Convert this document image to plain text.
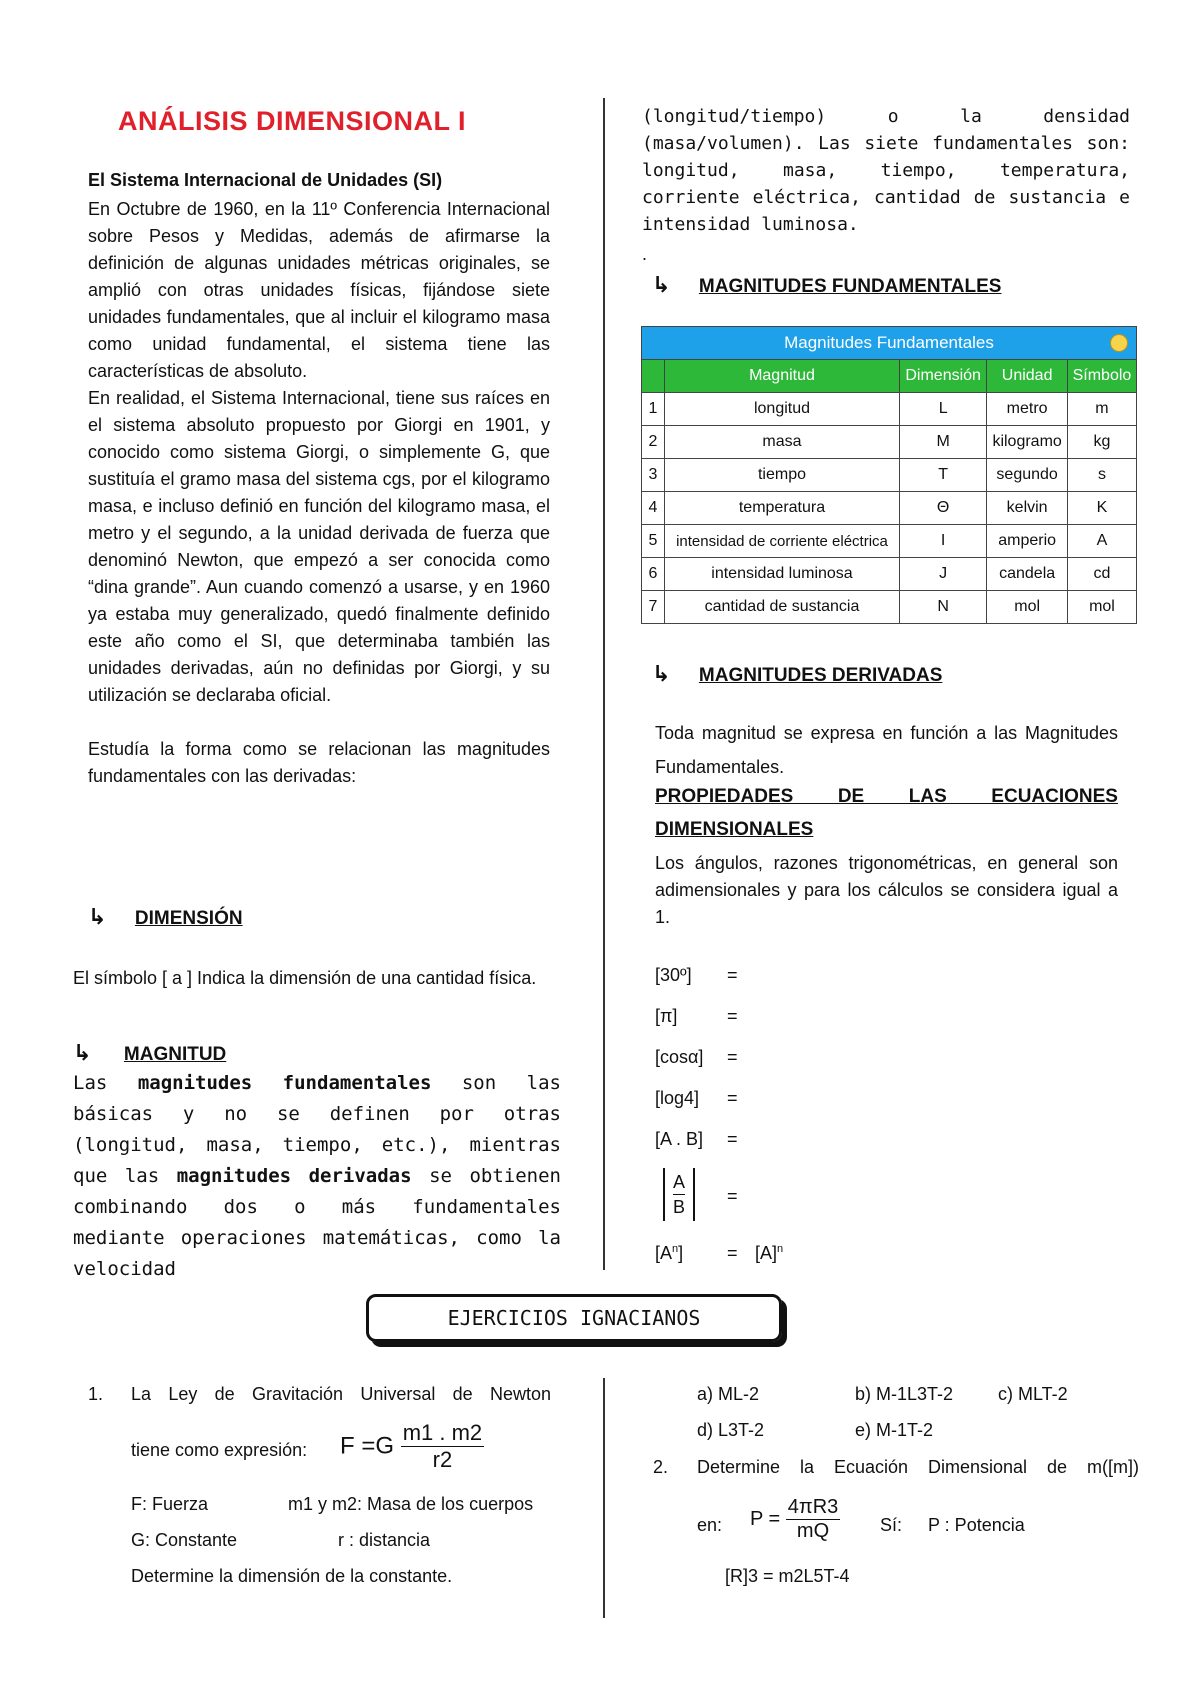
ANÁLISIS DIMENSIONAL I

El Sistema Internacional de Unidades (SI)

En Octubre de 1960, en la 11º Conferencia Internacional sobre Pesos y Medidas, además de afirmarse la definición de algunas unidades métricas originales, se amplió con otras unidades físicas, fijándose siete unidades fundamentales, que al incluir el kilogramo masa como unidad fundamental, el sistema tiene las características de absoluto.

En realidad, el Sistema Internacional, tiene sus raíces en el sistema absoluto propuesto por Giorgi en 1901, y conocido como sistema Giorgi, o simplemente G, que sustituía el gramo masa del sistema cgs, por el kilogramo masa, e incluso definió en función del kilogramo masa, el metro y el segundo, a la unidad derivada de fuerza que denominó Newton, que empezó a ser conocida como “dina grande”. Aun cuando comenzó a usarse, y en 1960 ya estaba muy generalizado, quedó finalmente definido este año como el SI, que determinaba también las unidades derivadas, aún no definidas por Giorgi, y su utilización se declaraba oficial.

Estudía la forma como se relacionan las magnitudes fundamentales con las derivadas:

↳ DIMENSIÓN
El símbolo [ a ] Indica la dimensión de una cantidad física.
↳ MAGNITUD
Las magnitudes fundamentales son las básicas y no se definen por otras (longitud, masa, tiempo, etc.), mientras que las magnitudes derivadas se obtienen combinando dos o más fundamentales mediante operaciones matemáticas, como la velocidad
(longitud/tiempo) o la densidad (masa/volumen). Las siete fundamentales son: longitud, masa, tiempo, temperatura, corriente eléctrica, cantidad de sustancia e intensidad luminosa.
.
↳ MAGNITUDES FUNDAMENTALES
Magnitudes Fundamentales				

	Magnitud	Dimensión	Unidad	Símbolo
1	longitud	L	metro	m
2	masa	M	kilogramo	kg
3	tiempo	T	segundo	s
4	temperatura	Θ	kelvin	K
5	intensidad de corriente eléctrica	I	amperio	A
6	intensidad luminosa	J	candela	cd
7	cantidad de sustancia	N	mol	mol
↳ MAGNITUDES DERIVADAS
Toda magnitud se expresa en función a las Magnitudes Fundamentales.
PROPIEDADES DE LAS ECUACIONES DIMENSIONALES
Los ángulos, razones trigonométricas, en general son adimensionales y para los cálculos se considera igual a 1.
[30º] =
[π]	=
[cosα] =
[log4] =
[A . B] =
$\frac{A}{B}$ =
$[A^n] = [A]^n$
EJERCICIOS IGNACIANOS
1. La Ley de Gravitación Universal de Newton
tiene como expresión: $F =G \frac{m1 . m2}{r2}$
F: Fuerza	m1 y m2: Masa de los cuerpos
G: Constante	r : distancia
Determine la dimensión de la constante.
a) ML-2	b) M-1L3T-2 c) MLT-2
d) L3T-2	e) M-1T-2
2. Determine la Ecuación Dimensional de m([m])
en: $P = \frac{4\pi R3}{mQ}$ Sí: P : Potencia
[R]3 = m2L5T-4
